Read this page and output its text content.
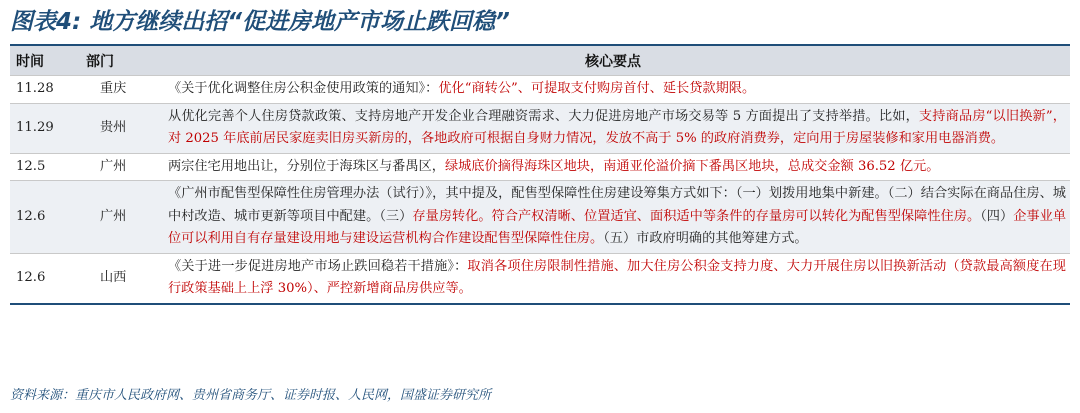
图表4: 地方继续出招“促进房地产市场止跌回稳”
时间	部门	核心要点
11.28	重庆	《关于优化调整住房公积金使用政策的通知》：优化“商转公”、可提取支付购房首付、延长贷款期限。
11.29	贵州	从优化完善个人住房贷款政策、支持房地产开发企业合理融资需求、大力促进房地产市场交易等 5 方面提出了支持举措。比如，支持商品房“以旧换新”，对 2025 年底前居民家庭卖旧房买新房的，各地政府可根据自身财力情况，发放不高于 5% 的政府消费券，定向用于房屋装修和家用电器消费。
12.5	广州	两宗住宅用地出让，分别位于海珠区与番禺区，绿城底价摘得海珠区地块，南通亚伦溢价摘下番禺区地块，总成交金额 36.52 亿元。
12.6	广州	《广州市配售型保障性住房管理办法（试行）》，其中提及，配售型保障性住房建设筹集方式如下：（一）划拨用地集中新建。（二）结合实际在商品住房、城中村改造、城市更新等项目中配建。（三）存量房转化。符合产权清晰、位置适宜、面积适中等条件的存量房可以转化为配售型保障性住房。（四）企事业单位可以利用自有存量建设用地与建设运营机构合作建设配售型保障性住房。（五）市政府明确的其他筹建方式。
12.6	山西	《关于进一步促进房地产市场止跌回稳若干措施》：取消各项住房限制性措施、加大住房公积金支持力度、大力开展住房以旧换新活动（贷款最高额度在现行政策基础上上浮 30%）、严控新增商品房供应等。
资料来源：重庆市人民政府网、贵州省商务厅、证券时报、人民网，国盛证券研究所
